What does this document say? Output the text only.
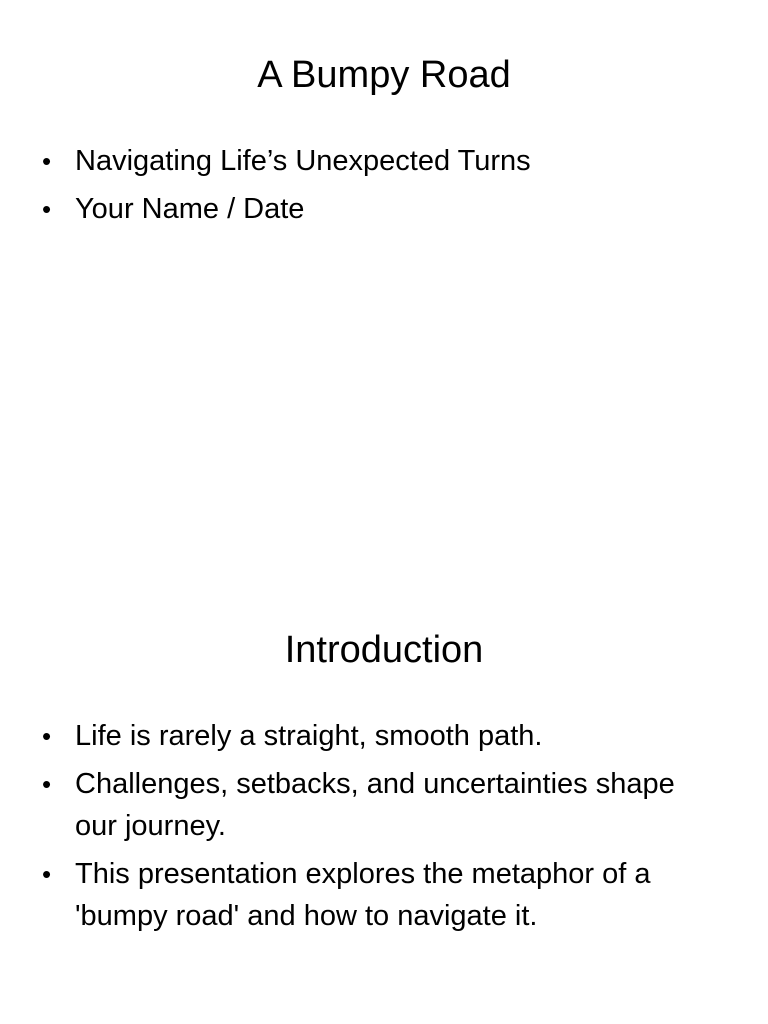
A Bumpy Road
• Navigating Life’s Unexpected Turns
• Your Name / Date
Introduction
• Life is rarely a straight, smooth path.
• Challenges, setbacks, and uncertainties shape our journey.
• This presentation explores the metaphor of a 'bumpy road' and how to navigate it.
